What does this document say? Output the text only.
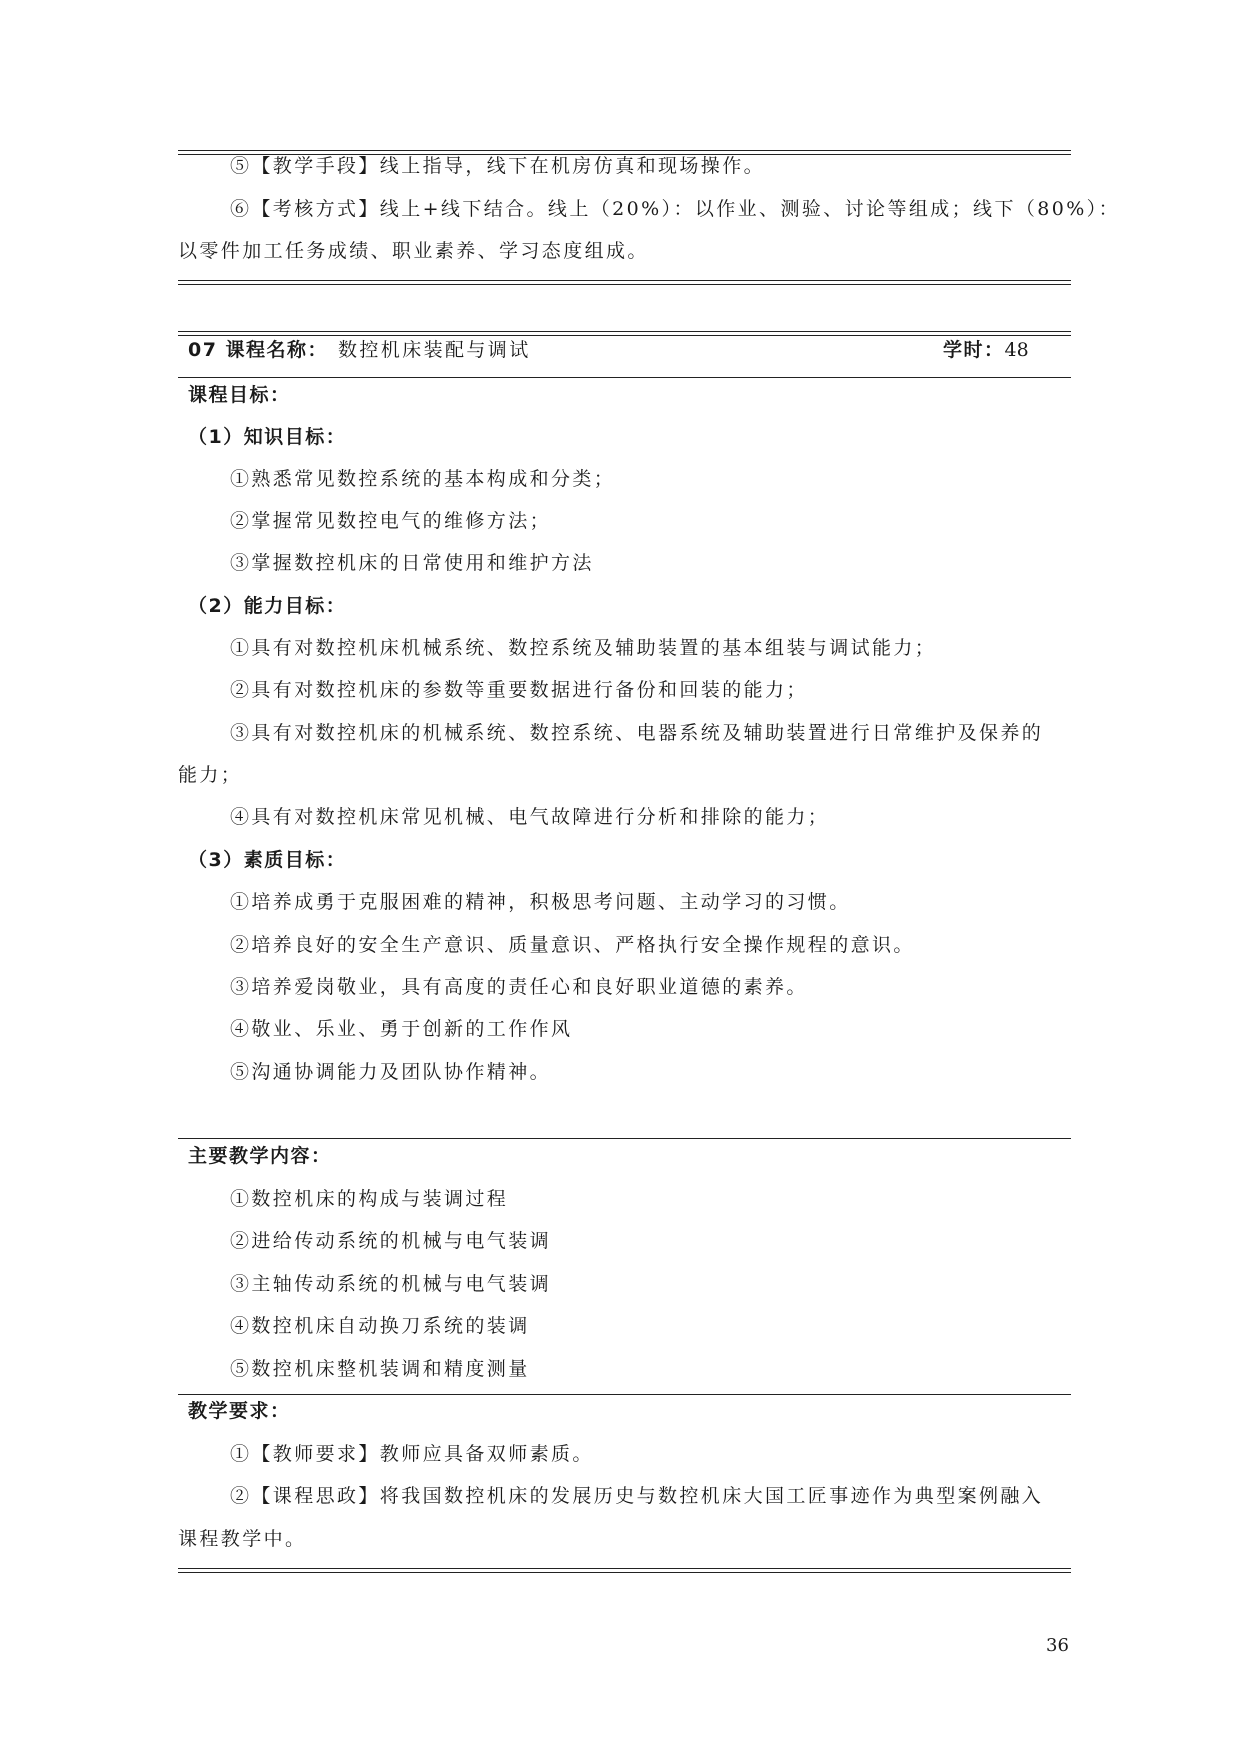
⑤【教学手段】线上指导，线下在机房仿真和现场操作。
⑥【考核方式】线上+线下结合。线上（20%）：以作业、测验、讨论等组成；线下（80%）：
以零件加工任务成绩、职业素养、学习态度组成。
07 课程名称： 数控机床装配与调试	学时：48
课程目标：
（1）知识目标：
①熟悉常见数控系统的基本构成和分类；
②掌握常见数控电气的维修方法；
③掌握数控机床的日常使用和维护方法
（2）能力目标：
①具有对数控机床机械系统、数控系统及辅助装置的基本组装与调试能力；
②具有对数控机床的参数等重要数据进行备份和回装的能力；
③具有对数控机床的机械系统、数控系统、电器系统及辅助装置进行日常维护及保养的
能力；
④具有对数控机床常见机械、电气故障进行分析和排除的能力；
（3）素质目标：
①培养成勇于克服困难的精神，积极思考问题、主动学习的习惯。
②培养良好的安全生产意识、质量意识、严格执行安全操作规程的意识。
③培养爱岗敬业，具有高度的责任心和良好职业道德的素养。
④敬业、乐业、勇于创新的工作作风
⑤沟通协调能力及团队协作精神。
主要教学内容：
①数控机床的构成与装调过程
②进给传动系统的机械与电气装调
③主轴传动系统的机械与电气装调
④数控机床自动换刀系统的装调
⑤数控机床整机装调和精度测量
教学要求：
①【教师要求】教师应具备双师素质。
②【课程思政】将我国数控机床的发展历史与数控机床大国工匠事迹作为典型案例融入
课程教学中。
36
